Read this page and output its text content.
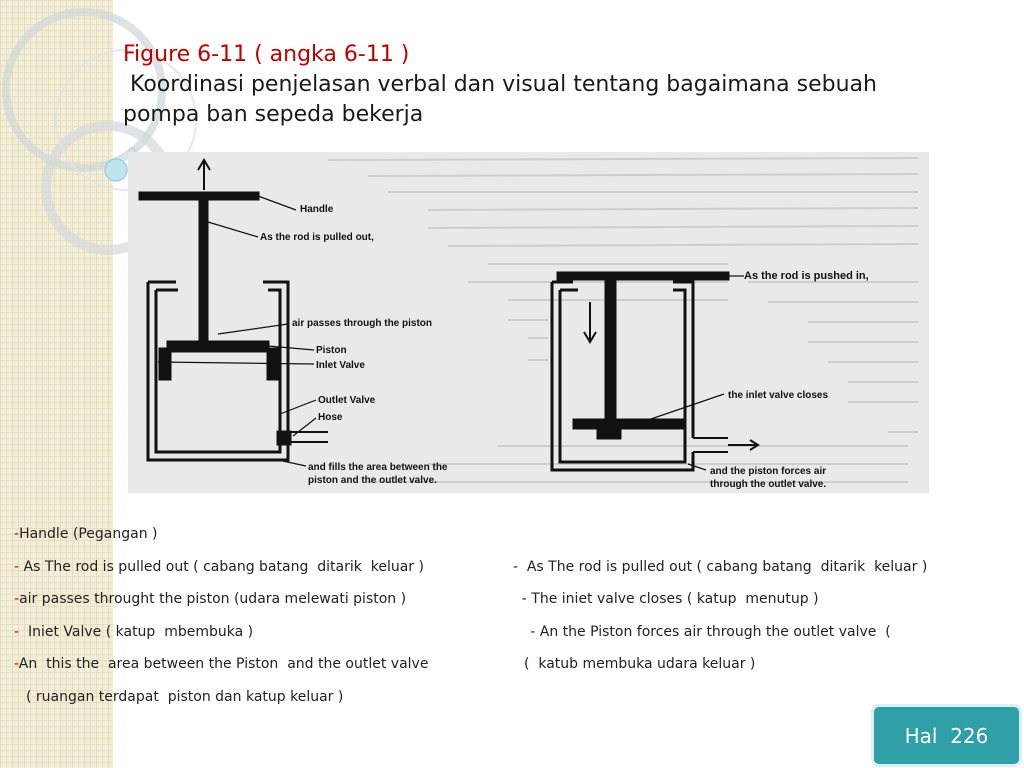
Figure 6-11 ( angka 6-11 )
Koordinasi penjelasan verbal dan visual tentang bagaimana sebuah
pompa ban sepeda bekerja
Handle
As the rod is pulled out,
air passes through the piston
Piston
Inlet Valve
Outlet Valve
Hose
and fills the area between the
piston and the outlet valve.
As the rod is pushed in,
the inlet valve closes
and the piston forces air
through the outlet valve.
-Handle (Pegangan )
- As The rod is pulled out ( cabang batang  ditarik  keluar )	-  As The rod is pulled out ( cabang batang  ditarik  keluar )
-air passes throught the piston (udara melewati piston )	- The iniet valve closes ( katup  menutup )
-  Iniet Valve ( katup  mbembuka )	- An the Piston forces air through the outlet valve  (
-An  this the  area between the Piston  and the outlet valve	(  katub membuka udara keluar )
( ruangan terdapat  piston dan katup keluar )
Hal  226
